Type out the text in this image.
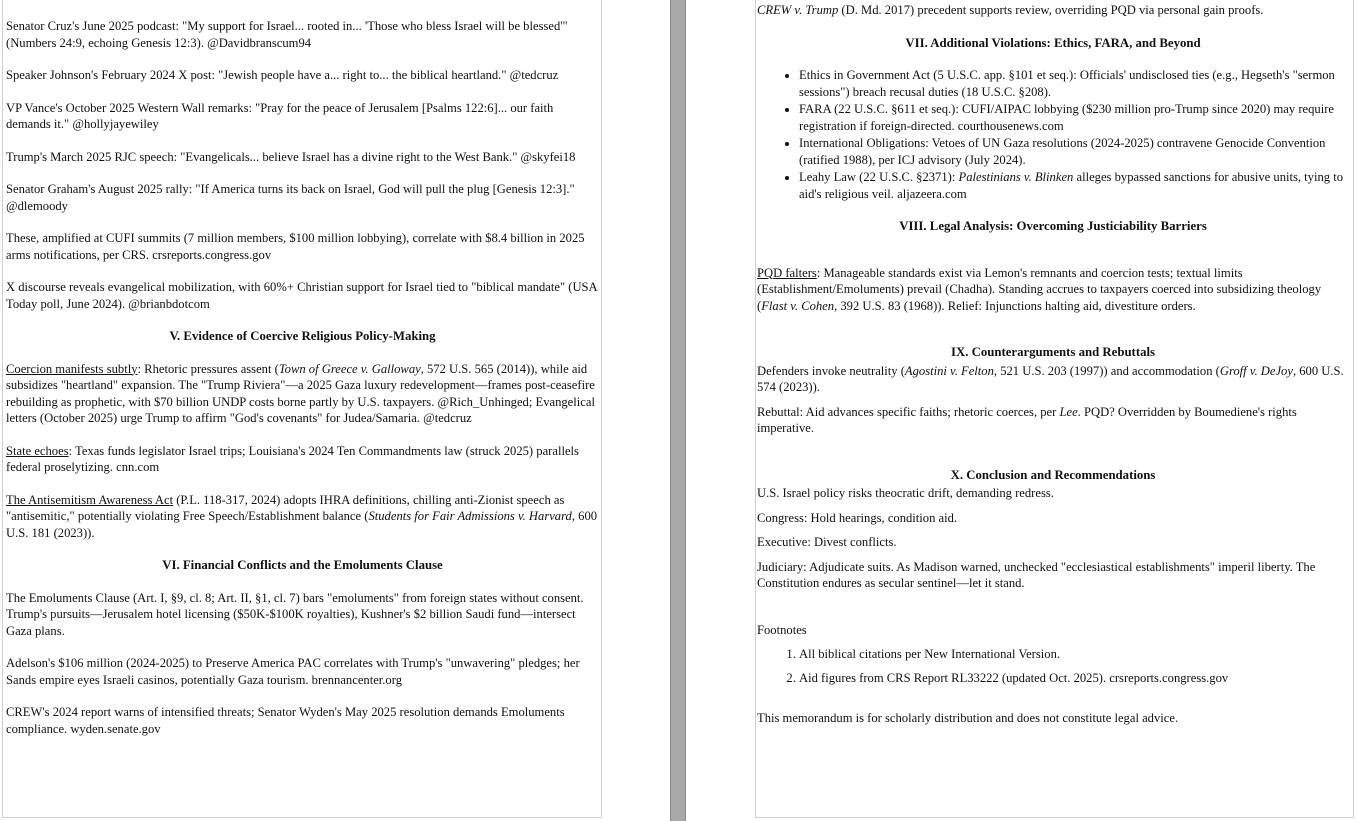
Senator Cruz's June 2025 podcast: "My support for Israel... rooted in... 'Those who bless Israel will be blessed'" (Numbers 24:9, echoing Genesis 12:3). @Davidbranscum94

Speaker Johnson's February 2024 X post: "Jewish people have a... right to... the biblical heartland." @tedcruz

VP Vance's October 2025 Western Wall remarks: "Pray for the peace of Jerusalem [Psalms 122:6]... our faith demands it." @hollyjayewiley

Trump's March 2025 RJC speech: "Evangelicals... believe Israel has a divine right to the West Bank." @skyfei18

Senator Graham's August 2025 rally: "If America turns its back on Israel, God will pull the plug [Genesis 12:3]." @dlemoody

These, amplified at CUFI summits (7 million members, $100 million lobbying), correlate with $8.4 billion in 2025 arms notifications, per CRS. crsreports.congress.gov

X discourse reveals evangelical mobilization, with 60%+ Christian support for Israel tied to "biblical mandate" (USA Today poll, June 2024). @brianbdotcom

V. Evidence of Coercive Religious Policy-Making

Coercion manifests subtly: Rhetoric pressures assent (Town of Greece v. Galloway, 572 U.S. 565 (2014)), while aid subsidizes "heartland" expansion. The "Trump Riviera"—a 2025 Gaza luxury redevelopment—frames post-ceasefire rebuilding as prophetic, with $70 billion UNDP costs borne partly by U.S. taxpayers. @Rich_Unhinged; Evangelical letters (October 2025) urge Trump to affirm "God's covenants" for Judea/Samaria. @tedcruz

State echoes: Texas funds legislator Israel trips; Louisiana's 2024 Ten Commandments law (struck 2025) parallels federal proselytizing. cnn.com

The Antisemitism Awareness Act (P.L. 118-317, 2024) adopts IHRA definitions, chilling anti-Zionist speech as "antisemitic," potentially violating Free Speech/Establishment balance (Students for Fair Admissions v. Harvard, 600 U.S. 181 (2023)).

VI. Financial Conflicts and the Emoluments Clause

The Emoluments Clause (Art. I, §9, cl. 8; Art. II, §1, cl. 7) bars "emoluments" from foreign states without consent. Trump's pursuits—Jerusalem hotel licensing ($50K-$100K royalties), Kushner's $2 billion Saudi fund—intersect Gaza plans.

Adelson's $106 million (2024-2025) to Preserve America PAC correlates with Trump's "unwavering" pledges; her Sands empire eyes Israeli casinos, potentially Gaza tourism. brennancenter.org

CREW's 2024 report warns of intensified threats; Senator Wyden's May 2025 resolution demands Emoluments compliance. wyden.senate.gov

CREW v. Trump (D. Md. 2017) precedent supports review, overriding PQD via personal gain proofs.

VII. Additional Violations: Ethics, FARA, and Beyond
• Ethics in Government Act (5 U.S.C. app. §101 et seq.): Officials' undisclosed ties (e.g., Hegseth's "sermon sessions") breach recusal duties (18 U.S.C. §208).
• FARA (22 U.S.C. §611 et seq.): CUFI/AIPAC lobbying ($230 million pro-Trump since 2020) may require registration if foreign-directed. courthousenews.com
• International Obligations: Vetoes of UN Gaza resolutions (2024-2025) contravene Genocide Convention (ratified 1988), per ICJ advisory (July 2024).
• Leahy Law (22 U.S.C. §2371): Palestinians v. Blinken alleges bypassed sanctions for abusive units, tying to aid's religious veil. aljazeera.com
VIII. Legal Analysis: Overcoming Justiciability Barriers

PQD falters: Manageable standards exist via Lemon's remnants and coercion tests; textual limits (Establishment/Emoluments) prevail (Chadha). Standing accrues to taxpayers coerced into subsidizing theology (Flast v. Cohen, 392 U.S. 83 (1968)). Relief: Injunctions halting aid, divestiture orders.

IX. Counterarguments and Rebuttals

Defenders invoke neutrality (Agostini v. Felton, 521 U.S. 203 (1997)) and accommodation (Groff v. DeJoy, 600 U.S. 574 (2023)).

Rebuttal: Aid advances specific faiths; rhetoric coerces, per Lee. PQD? Overridden by Boumediene's rights imperative.

X. Conclusion and Recommendations

U.S. Israel policy risks theocratic drift, demanding redress.

Congress: Hold hearings, condition aid.

Executive: Divest conflicts.

Judiciary: Adjudicate suits. As Madison warned, unchecked "ecclesiastical establishments" imperil liberty. The Constitution endures as secular sentinel—let it stand.

Footnotes

1. All biblical citations per New International Version.
2. Aid figures from CRS Report RL33222 (updated Oct. 2025). crsreports.congress.gov

This memorandum is for scholarly distribution and does not constitute legal advice.
